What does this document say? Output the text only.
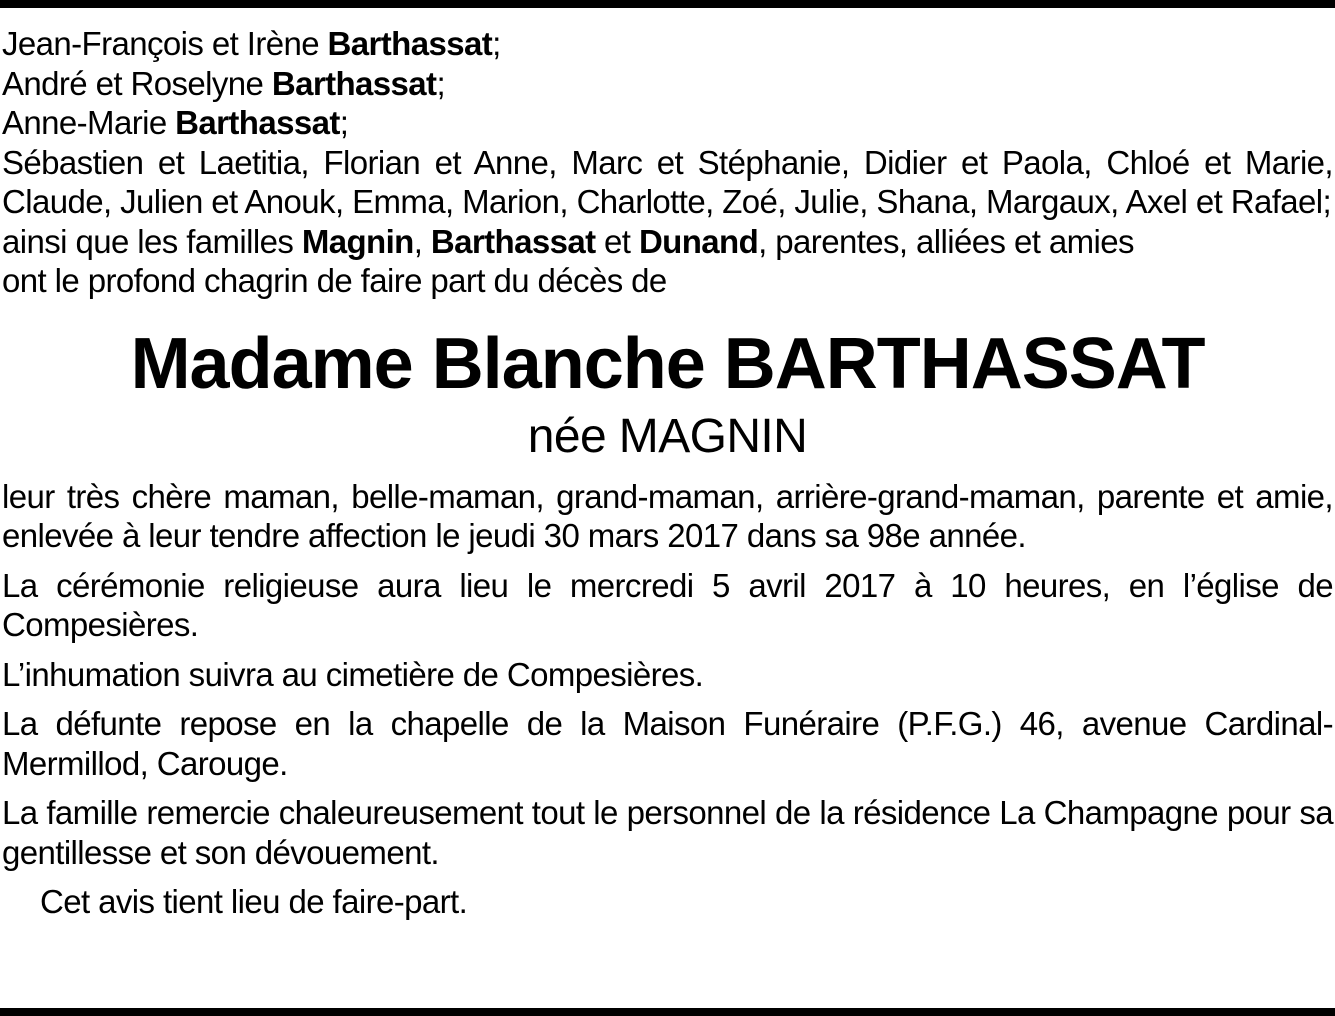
Jean-François et Irène Barthassat;
André et Roselyne Barthassat;
Anne-Marie Barthassat;
Sébastien et Laetitia, Florian et Anne, Marc et Stéphanie, Didier et Paola, Chloé et Marie, Claude, Julien et Anouk, Emma, Marion, Charlotte, Zoé, Julie, Shana, Margaux, Axel et Rafael;
ainsi que les familles Magnin, Barthassat et Dunand, parentes, alliées et amies
ont le profond chagrin de faire part du décès de
Madame Blanche BARTHASSAT
née MAGNIN
leur très chère maman, belle-maman, grand-maman, arrière-grand-maman, parente et amie, enlevée à leur tendre affection le jeudi 30 mars 2017 dans sa 98e année.
La cérémonie religieuse aura lieu le mercredi 5 avril 2017 à 10 heures, en l’église de Compesières.
L’inhumation suivra au cimetière de Compesières.
La défunte repose en la chapelle de la Maison Funéraire (P.F.G.) 46, avenue Cardinal-Mermillod, Carouge.
La famille remercie chaleureusement tout le personnel de la résidence La Champagne pour sa gentillesse et son dévouement.
Cet avis tient lieu de faire-part.
